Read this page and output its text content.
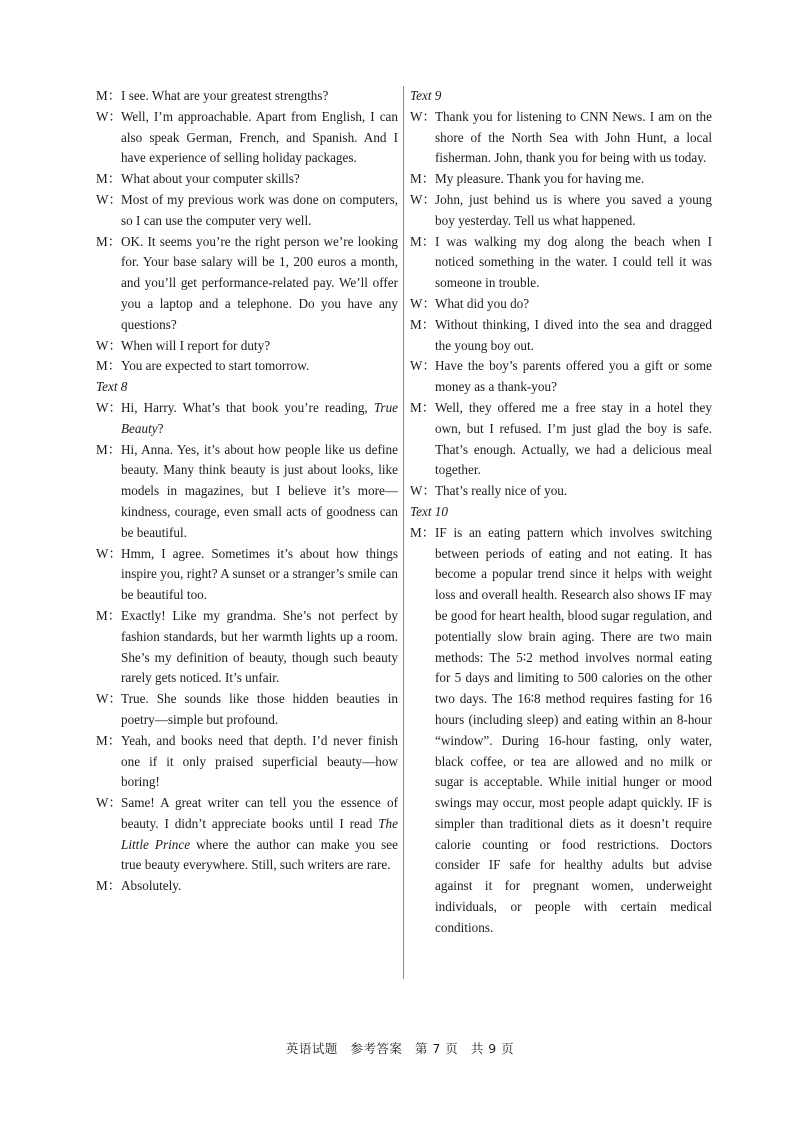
M： I see. What are your greatest strengths?
W： Well, I’m approachable. Apart from English, I can also speak German, French, and Spanish. And I have experience of selling holiday packages.
M： What about your computer skills?
W： Most of my previous work was done on computers, so I can use the computer very well.
M： OK. It seems you’re the right person we’re looking for. Your base salary will be 1, 200 euros a month, and you’ll get performance-related pay. We’ll offer you a laptop and a telephone. Do you have any questions?
W： When will I report for duty?
M： You are expected to start tomorrow.
Text 8
W： Hi, Harry. What’s that book you’re reading, True Beauty?
M： Hi, Anna. Yes, it’s about how people like us define beauty. Many think beauty is just about looks, like models in magazines, but I believe it’s more—kindness, courage, even small acts of goodness can be beautiful.
W： Hmm, I agree. Sometimes it’s about how things inspire you, right? A sunset or a stranger’s smile can be beautiful too.
M： Exactly! Like my grandma. She’s not perfect by fashion standards, but her warmth lights up a room. She’s my definition of beauty, though such beauty rarely gets noticed. It’s unfair.
W： True. She sounds like those hidden beauties in poetry—simple but profound.
M： Yeah, and books need that depth. I’d never finish one if it only praised superficial beauty—how boring!
W： Same! A great writer can tell you the essence of beauty. I didn’t appreciate books until I read The Little Prince where the author can make you see true beauty everywhere. Still, such writers are rare.
M： Absolutely.
Text 9
W： Thank you for listening to CNN News. I am on the shore of the North Sea with John Hunt, a local fisherman. John, thank you for being with us today.
M： My pleasure. Thank you for having me.
W： John, just behind us is where you saved a young boy yesterday. Tell us what happened.
M： I was walking my dog along the beach when I noticed something in the water. I could tell it was someone in trouble.
W： What did you do?
M： Without thinking, I dived into the sea and dragged the young boy out.
W： Have the boy’s parents offered you a gift or some money as a thank-you?
M： Well, they offered me a free stay in a hotel they own, but I refused. I’m just glad the boy is safe. That’s enough. Actually, we had a delicious meal together.
W： That’s really nice of you.
Text 10
M： IF is an eating pattern which involves switching between periods of eating and not eating. It has become a popular trend since it helps with weight loss and overall health. Research also shows IF may be good for heart health, blood sugar regulation, and potentially slow brain aging. There are two main methods: The 5∶2 method involves normal eating for 5 days and limiting to 500 calories on the other two days. The 16∶8 method requires fasting for 16 hours (including sleep) and eating within an 8-hour “window”. During 16-hour fasting, only water, black coffee, or tea are allowed and no milk or sugar is acceptable. While initial hunger or mood swings may occur, most people adapt quickly. IF is simpler than traditional diets as it doesn’t require calorie counting or food restrictions. Doctors consider IF safe for healthy adults but advise against it for pregnant women, underweight individuals, or people with certain medical conditions.
英语试题 参考答案 第 7 页 共 9 页
